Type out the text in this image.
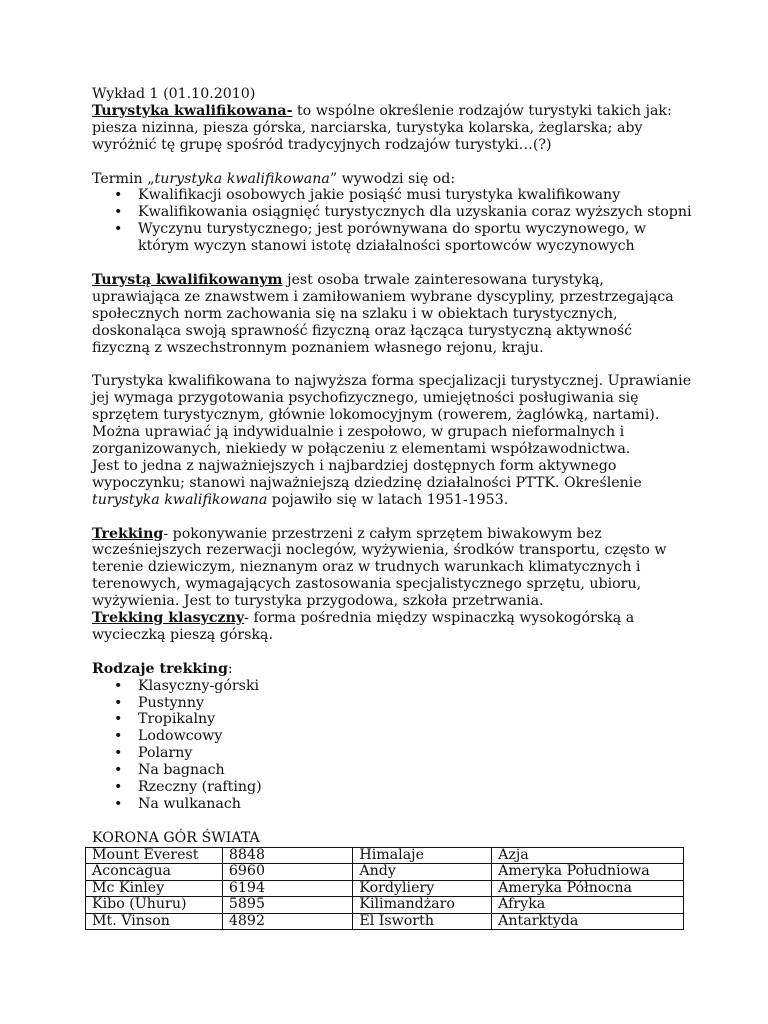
Wykład 1 (01.10.2010)

Turystyka kwalifikowana- to wspólne określenie rodzajów turystyki takich jak: piesza nizinna, piesza górska, narciarska, turystyka kolarska, żeglarska; aby wyróżnić tę grupę spośród tradycyjnych rodzajów turystyki…(?)

Termin „turystyka kwalifikowana” wywodzi się od:

• Kwalifikacji osobowych jakie posiąść musi turystyka kwalifikowany
• Kwalifikowania osiągnięć turystycznych dla uzyskania coraz wyższych stopni
• Wyczynu turystycznego; jest porównywana do sportu wyczynowego, w którym wyczyn stanowi istotę działalności sportowców wyczynowych

Turystą kwalifikowanym jest osoba trwale zainteresowana turystyką, uprawiająca ze znawstwem i zamiłowaniem wybrane dyscypliny, przestrzegająca społecznych norm zachowania się na szlaku i w obiektach turystycznych, doskonaląca swoją sprawność fizyczną oraz łącząca turystyczną aktywność fizyczną z wszechstronnym poznaniem własnego rejonu, kraju.

Turystyka kwalifikowana to najwyższa forma specjalizacji turystycznej. Uprawianie jej wymaga przygotowania psychofizycznego, umiejętności posługiwania się sprzętem turystycznym, głównie lokomocyjnym (rowerem, żaglówką, nartami). Można uprawiać ją indywidualnie i zespołowo, w grupach nieformalnych i zorganizowanych, niekiedy w połączeniu z elementami współzawodnictwa.

Jest to jedna z najważniejszych i najbardziej dostępnych form aktywnego wypoczynku; stanowi najważniejszą dziedzinę działalności PTTK. Określenie turystyka kwalifikowana pojawiło się w latach 1951-1953.

Trekking- pokonywanie przestrzeni z całym sprzętem biwakowym bez wcześniejszych rezerwacji noclegów, wyżywienia, środków transportu, często w terenie dziewiczym, nieznanym oraz w trudnych warunkach klimatycznych i terenowych, wymagających zastosowania specjalistycznego sprzętu, ubioru, wyżywienia. Jest to turystyka przygodowa, szkoła przetrwania.

Trekking klasyczny- forma pośrednia między wspinaczką wysokogórską a wycieczką pieszą górską.

Rodzaje trekking:

• Klasyczny-górski
• Pustynny
• Tropikalny
• Lodowcowy
• Polarny
• Na bagnach
• Rzeczny (rafting)
• Na wulkanach

KORONA GÓR ŚWIATA

Mount Everest	8848	Himalaje	Azja
Aconcagua	6960	Andy	Ameryka Południowa
Mc Kinley	6194	Kordyliery	Ameryka Północna
Kibo (Uhuru)	5895	Kilimandżaro	Afryka
Mt. Vinson	4892	El Isworth	Antarktyda
